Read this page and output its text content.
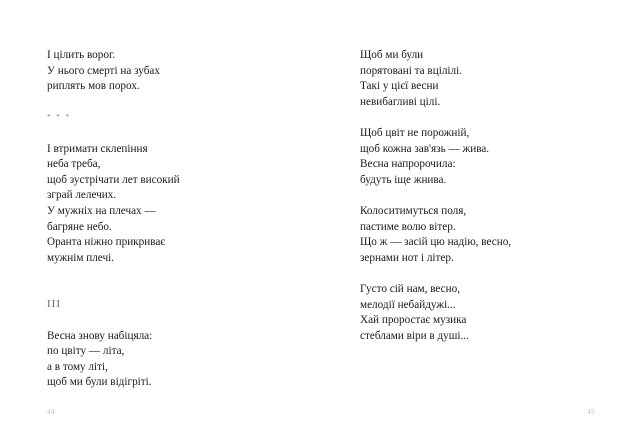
І цілить ворог.
У нього смерті на зубах
риплять мов порох.
* * *
І втримати склепіння
неба треба,
щоб зустрічати лет високий
зграй лелечих.
У мужніх на плечах —
багряне небо.
Оранта ніжно прикриває
мужнім плечі.
III
Весна знову набіцяла:
по цвіту — літа,
а в тому літі,
щоб ми були відігріті.
44
Щоб ми були
порятовані та вцілілі.
Такі у цієї весни
невибагливі цілі.
Щоб цвіт не порожній,
щоб кожна зав'язь — жива.
Весна напророчила:
будуть іще жнива.
Колоситимуться поля,
пастиме волю вітер.
Що ж — засій цю надію, весно,
зернами нот і літер.
Густо сій нам, весно,
мелодії небайдужі...
Хай проростає музика
стеблами віри в душі...
45
